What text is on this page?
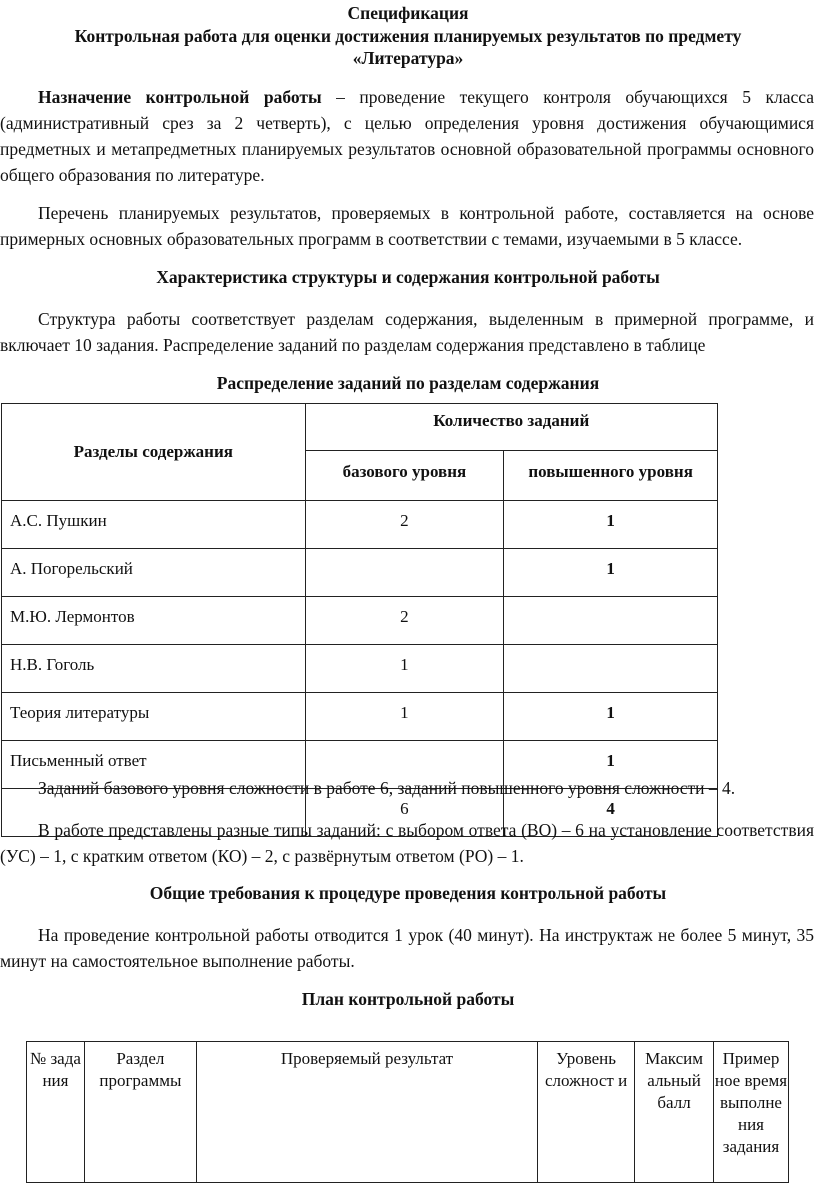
Спецификация
Контрольная работа для оценки достижения планируемых результатов по предмету
«Литература»
Назначение контрольной работы – проведение текущего контроля обучающихся 5 класса (административный срез за 2 четверть), с целью определения уровня достижения обучающимися предметных и метапредметных планируемых результатов основной образовательной программы основного общего образования по литературе.
Перечень планируемых результатов, проверяемых в контрольной работе, составляется на основе примерных основных образовательных программ в соответствии с темами, изучаемыми в 5 классе.
Характеристика структуры и содержания контрольной работы
Структура работы соответствует разделам содержания, выделенным в примерной программе, и включает 10 задания. Распределение заданий по разделам содержания представлено в таблице
Распределение заданий по разделам содержания
Разделы содержания	Количество заданий	
	базового уровня	повышенного уровня
А.С. Пушкин	2	1
А. Погорельский		1
М.Ю. Лермонтов	2	
Н.В. Гоголь	1	
Теория литературы	1	1
Письменный ответ		1
	6	4
Заданий базового уровня сложности в работе 6, заданий повышенного уровня сложности – 4.
В работе представлены разные типы заданий: с выбором ответа (ВО) – 6 на установление соответствия (УС) – 1, с кратким ответом (КО) – 2, с развёрнутым ответом (РО) – 1.
Общие требования к процедуре проведения контрольной работы
На проведение контрольной работы отводится 1 урок (40 минут). На инструктаж не более 5 минут, 35 минут на самостоятельное выполнение работы.
План контрольной работы
№ зада ния	Раздел программы	Проверяемый результат	Уровень сложност и	Максим альный балл	Пример ное время выполне ния задания
